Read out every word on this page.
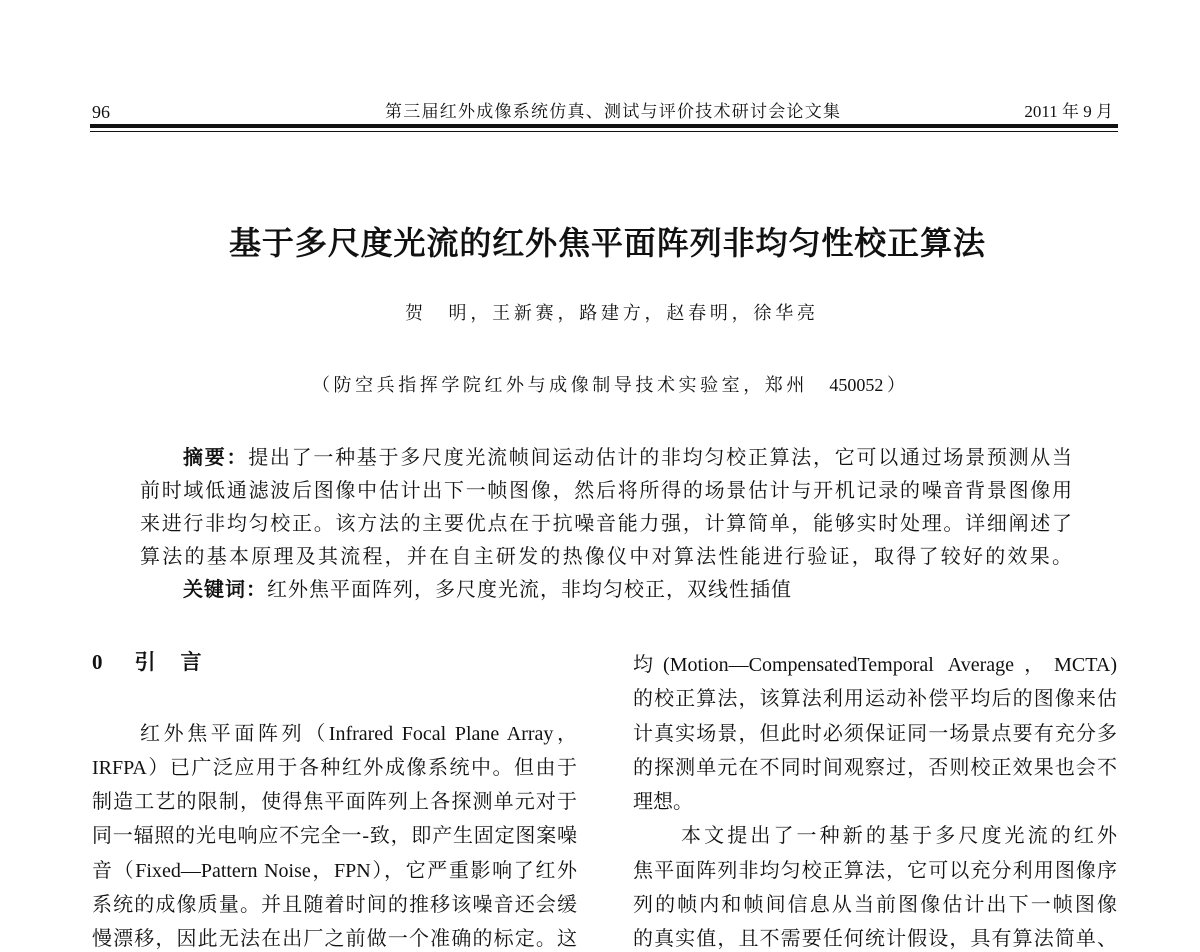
96	第三届红外成像系统仿真、测试与评价技术研讨会论文集	2011 年 9 月
基于多尺度光流的红外焦平面阵列非均匀性校正算法
贺　明，王新赛，路建方，赵春明，徐华亮
（防空兵指挥学院红外与成像制导技术实验室，郑州　450052）
摘要：提出了一种基于多尺度光流帧间运动估计的非均匀校正算法，它可以通过场景预测从当
前时域低通滤波后图像中估计出下一帧图像，然后将所得的场景估计与开机记录的噪音背景图像用
来进行非均匀校正。该方法的主要优点在于抗噪音能力强，计算简单，能够实时处理。详细阐述了
算法的基本原理及其流程，并在自主研发的热像仪中对算法性能进行验证，取得了较好的效果。
关键词：红外焦平面阵列，多尺度光流，非均匀校正，双线性插值
0 引　言
红外焦平面阵列（Infrared Focal Plane Array，
IRFPA）已广泛应用于各种红外成像系统中。但由于
制造工艺的限制，使得焦平面阵列上各探测单元对于
同一辐照的光电响应不完全一-致，即产生固定图案噪
音（Fixed—Pattern Noise，FPN），它严重影响了红外
系统的成像质量。并且随着时间的推移该噪音还会缓
慢漂移，因此无法在出厂之前做一个准确的标定。这
均(Motion—CompensatedTemporal Average，MCTA)
的校正算法，该算法利用运动补偿平均后的图像来估
计真实场景，但此时必须保证同一场景点要有充分多
的探测单元在不同时间观察过，否则校正效果也会不
理想。
本文提出了一种新的基于多尺度光流的红外
焦平面阵列非均匀校正算法，它可以充分利用图像序
列的帧内和帧间信息从当前图像估计出下一帧图像
的真实值，且不需要任何统计假设，具有算法简单、
